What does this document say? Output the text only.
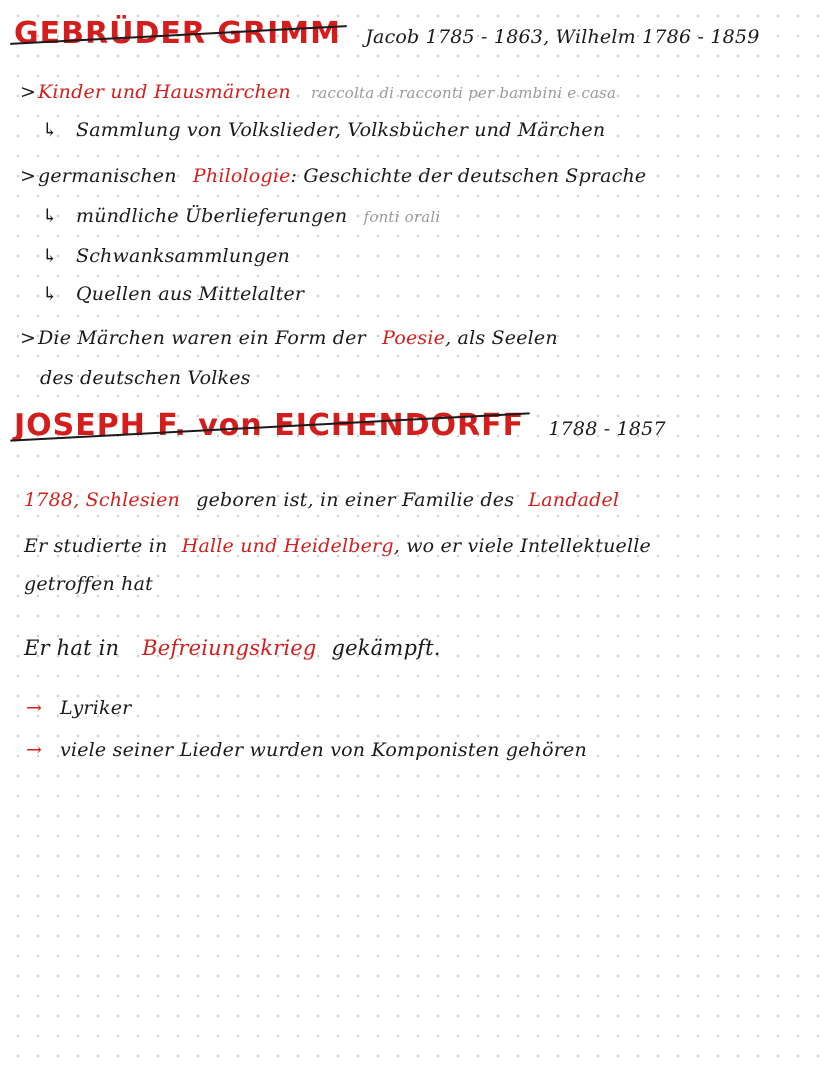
GEBRÜDER GRIMM Jacob 1785 - 1863, Wilhelm 1786 - 1859
>Kinder und Hausmärchen raccolta di racconti per bambini e casa
↳ Sammlung von Volkslieder, Volksbücher und Märchen
>germanischen Philologie: Geschichte der deutschen Sprache
↳ mündliche Überlieferungen fonti orali
↳ Schwanksammlungen
↳ Quellen aus Mittelalter
>Die Märchen waren ein Form der Poesie, als Seelen
des deutschen Volkes
JOSEPH F. von EICHENDORFF 1788 - 1857
1788, Schlesien geboren ist, in einer Familie des Landadel
Er studierte in Halle und Heidelberg, wo er viele Intellektuelle
getroffen hat
Er hat in Befreiungskrieg gekämpft.
→ Lyriker
→ viele seiner Lieder wurden von Komponisten gehören
